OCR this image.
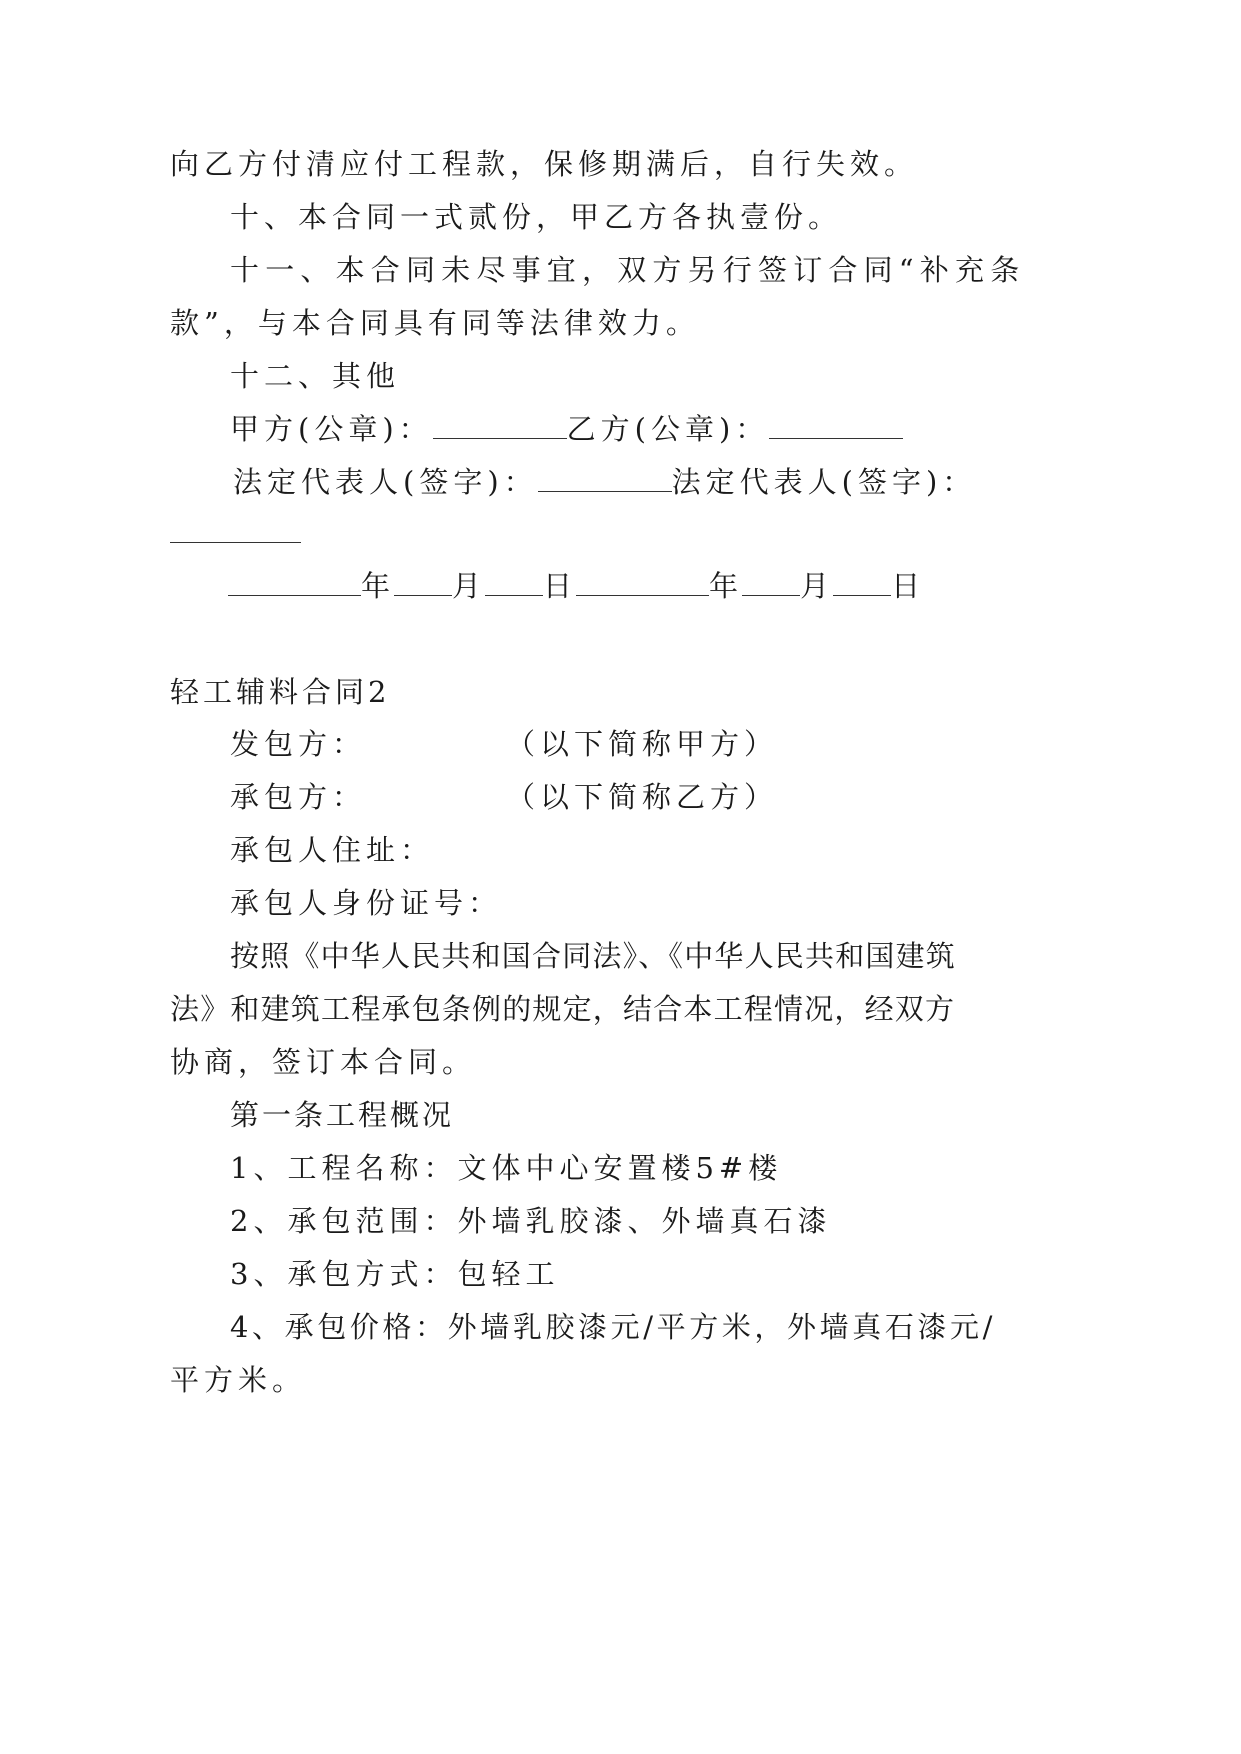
向乙方付清应付工程款，保修期满后，自行失效。
十、本合同一式贰份，甲乙方各执壹份。
十一、本合同未尽事宜，双方另行签订合同“补充条
款”，与本合同具有同等法律效力。
十二、其他
甲方(公章)：	乙方(公章)：
法定代表人(签字)：	法定代表人(签字)：
年 月 日	年 月 日
轻工辅料合同2
发包方：	（以下简称甲方）
承包方：	（以下简称乙方）
承包人住址：
承包人身份证号：
按照《中华人民共和国合同法》、《中华人民共和国建筑
法》和建筑工程承包条例的规定，结合本工程情况，经双方
协商，签订本合同。
第一条工程概况
1、工程名称：文体中心安置楼5#楼
2、承包范围：外墙乳胶漆、外墙真石漆
3、承包方式：包轻工
4、承包价格：外墙乳胶漆元/平方米，外墙真石漆元/
平方米。
